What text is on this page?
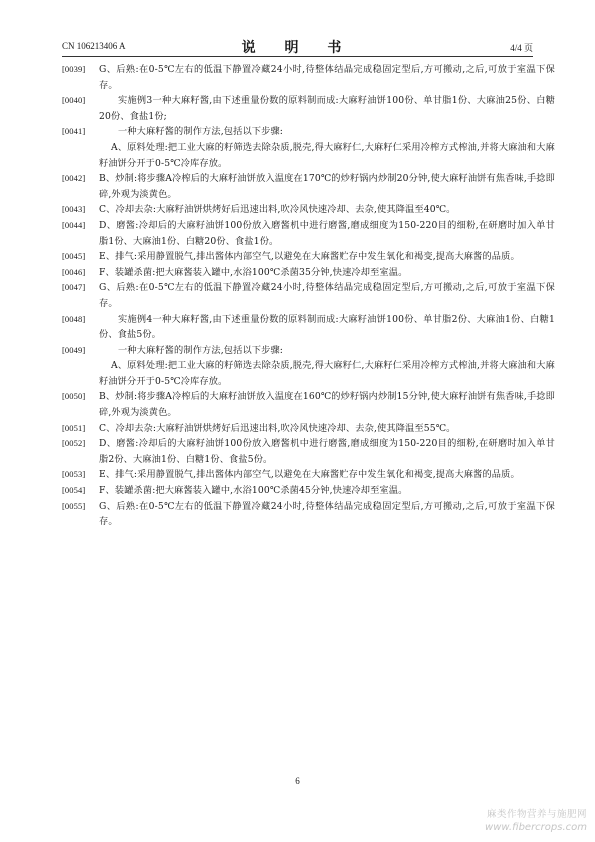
CN 106213406 A	说 明 书	4/4 页
[0039]	G、后熟:在0-5℃左右的低温下静置冷藏24小时,待整体结晶完成稳固定型后,方可搬动,之后,可放于室温下保存。
[0040]	实施例3一种大麻籽酱,由下述重量份数的原料制而成:大麻籽油饼100份、单甘脂1份、大麻油25份、白糖20份、食盐1份;
[0041]	一种大麻籽酱的制作方法,包括以下步骤:
A、原料处理:把工业大麻的籽筛选去除杂质,脱壳,得大麻籽仁,大麻籽仁采用冷榨方式榨油,并将大麻油和大麻籽油饼分开于0-5℃冷库存放。
[0042]	B、炒制:将步骤A冷榨后的大麻籽油饼放入温度在170℃的炒籽锅内炒制20分钟,使大麻籽油饼有焦香味,手捻即碎,外观为淡黄色。
[0043]	C、冷却去杂:大麻籽油饼烘烤好后迅速出料,吹冷风快速冷却、去杂,使其降温至40℃。
[0044]	D、磨酱:冷却后的大麻籽油饼100份放入磨酱机中进行磨酱,磨成细度为150-220目的细粉,在研磨时加入单甘脂1份、大麻油1份、白糖20份、食盐1份。
[0045]	E、排气:采用静置脱气,排出酱体内部空气,以避免在大麻酱贮存中发生氧化和褐变,提高大麻酱的品质。
[0046]	F、装罐杀菌:把大麻酱装入罐中,水浴100℃杀菌35分钟,快速冷却至室温。
[0047]	G、后熟:在0-5℃左右的低温下静置冷藏24小时,待整体结晶完成稳固定型后,方可搬动,之后,可放于室温下保存。
[0048]	实施例4一种大麻籽酱,由下述重量份数的原料制而成:大麻籽油饼100份、单甘脂2份、大麻油1份、白糖1份、食盐5份。
[0049]	一种大麻籽酱的制作方法,包括以下步骤:
A、原料处理:把工业大麻的籽筛选去除杂质,脱壳,得大麻籽仁,大麻籽仁采用冷榨方式榨油,并将大麻油和大麻籽油饼分开于0-5℃冷库存放。
[0050]	B、炒制:将步骤A冷榨后的大麻籽油饼放入温度在160℃的炒籽锅内炒制15分钟,使大麻籽油饼有焦香味,手捻即碎,外观为淡黄色。
[0051]	C、冷却去杂:大麻籽油饼烘烤好后迅速出料,吹冷风快速冷却、去杂,使其降温至55℃。
[0052]	D、磨酱:冷却后的大麻籽油饼100份放入磨酱机中进行磨酱,磨成细度为150-220目的细粉,在研磨时加入单甘脂2份、大麻油1份、白糖1份、食盐5份。
[0053]	E、排气:采用静置脱气,排出酱体内部空气,以避免在大麻酱贮存中发生氧化和褐变,提高大麻酱的品质。
[0054]	F、装罐杀菌:把大麻酱装入罐中,水浴100℃杀菌45分钟,快速冷却至室温。
[0055]	G、后熟:在0-5℃左右的低温下静置冷藏24小时,待整体结晶完成稳固定型后,方可搬动,之后,可放于室温下保存。
6
麻类作物营养与施肥网
www.fibercrops.com
